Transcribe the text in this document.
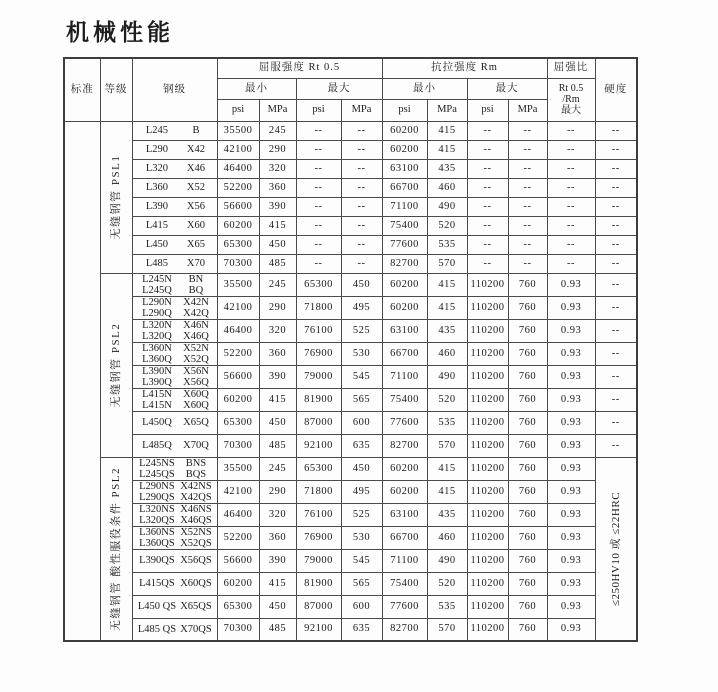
机械性能
标准	等级	钢级	屈服强度 Rt 0.5				抗拉强度 Rm				屈强比	硬度
			最小		最大		最小		最大		Rt 0.5
/Rm
最大	

			psi	MPa	psi	MPa	psi	MPa	psi	MPa		

	无缝钢管 PSL1	L245 B	35500	245	--	--	60200	415	--	--	--	--

		L290 X42	42100	290	--	--	60200	415	--	--	--	--

		L320 X46	46400	320	--	--	63100	435	--	--	--	--

		L360 X52	52200	360	--	--	66700	460	--	--	--	--

		L390 X56	56600	390	--	--	71100	490	--	--	--	--

		L415 X60	60200	415	--	--	75400	520	--	--	--	--

		L450 X65	65300	450	--	--	77600	535	--	--	--	--

		L485 X70	70300	485	--	--	82700	570	--	--	--	--

	无缝钢管 PSL2	L245N BN
L245Q BQ	35500	245	65300	450	60200	415	110200	760	0.93	--

		L290N X42N
L290Q X42Q	42100	290	71800	495	60200	415	110200	760	0.93	--

		L320N X46N
L320Q X46Q	46400	320	76100	525	63100	435	110200	760	0.93	--

		L360N X52N
L360Q X52Q	52200	360	76900	530	66700	460	110200	760	0.93	--

		L390N X56N
L390Q X56Q	56600	390	79000	545	71100	490	110200	760	0.93	--

		L415N X60Q
L415N X60Q	60200	415	81900	565	75400	520	110200	760	0.93	--

		L450Q X65Q	65300	450	87000	600	77600	535	110200	760	0.93	--

		L485Q X70Q	70300	485	92100	635	82700	570	110200	760	0.93	--

	无缝钢管 酸性服役条件 PSL2	L245NS BNS
L245QS BQS	35500	245	65300	450	60200	415	110200	760	0.93	≤250HV10 或 ≤22HRC

		L290NS X42NS
L290QS X42QS	42100	290	71800	495	60200	415	110200	760	0.93	

		L320NS X46NS
L320QS X46QS	46400	320	76100	525	63100	435	110200	760	0.93	

		L360NS X52NS
L360QS X52QS	52200	360	76900	530	66700	460	110200	760	0.93	

		L390QS X56QS	56600	390	79000	545	71100	490	110200	760	0.93	

		L415QS X60QS	60200	415	81900	565	75400	520	110200	760	0.93	

		L450 QS X65QS	65300	450	87000	600	77600	535	110200	760	0.93	

		L485 QS X70QS	70300	485	92100	635	82700	570	110200	760	0.93	
